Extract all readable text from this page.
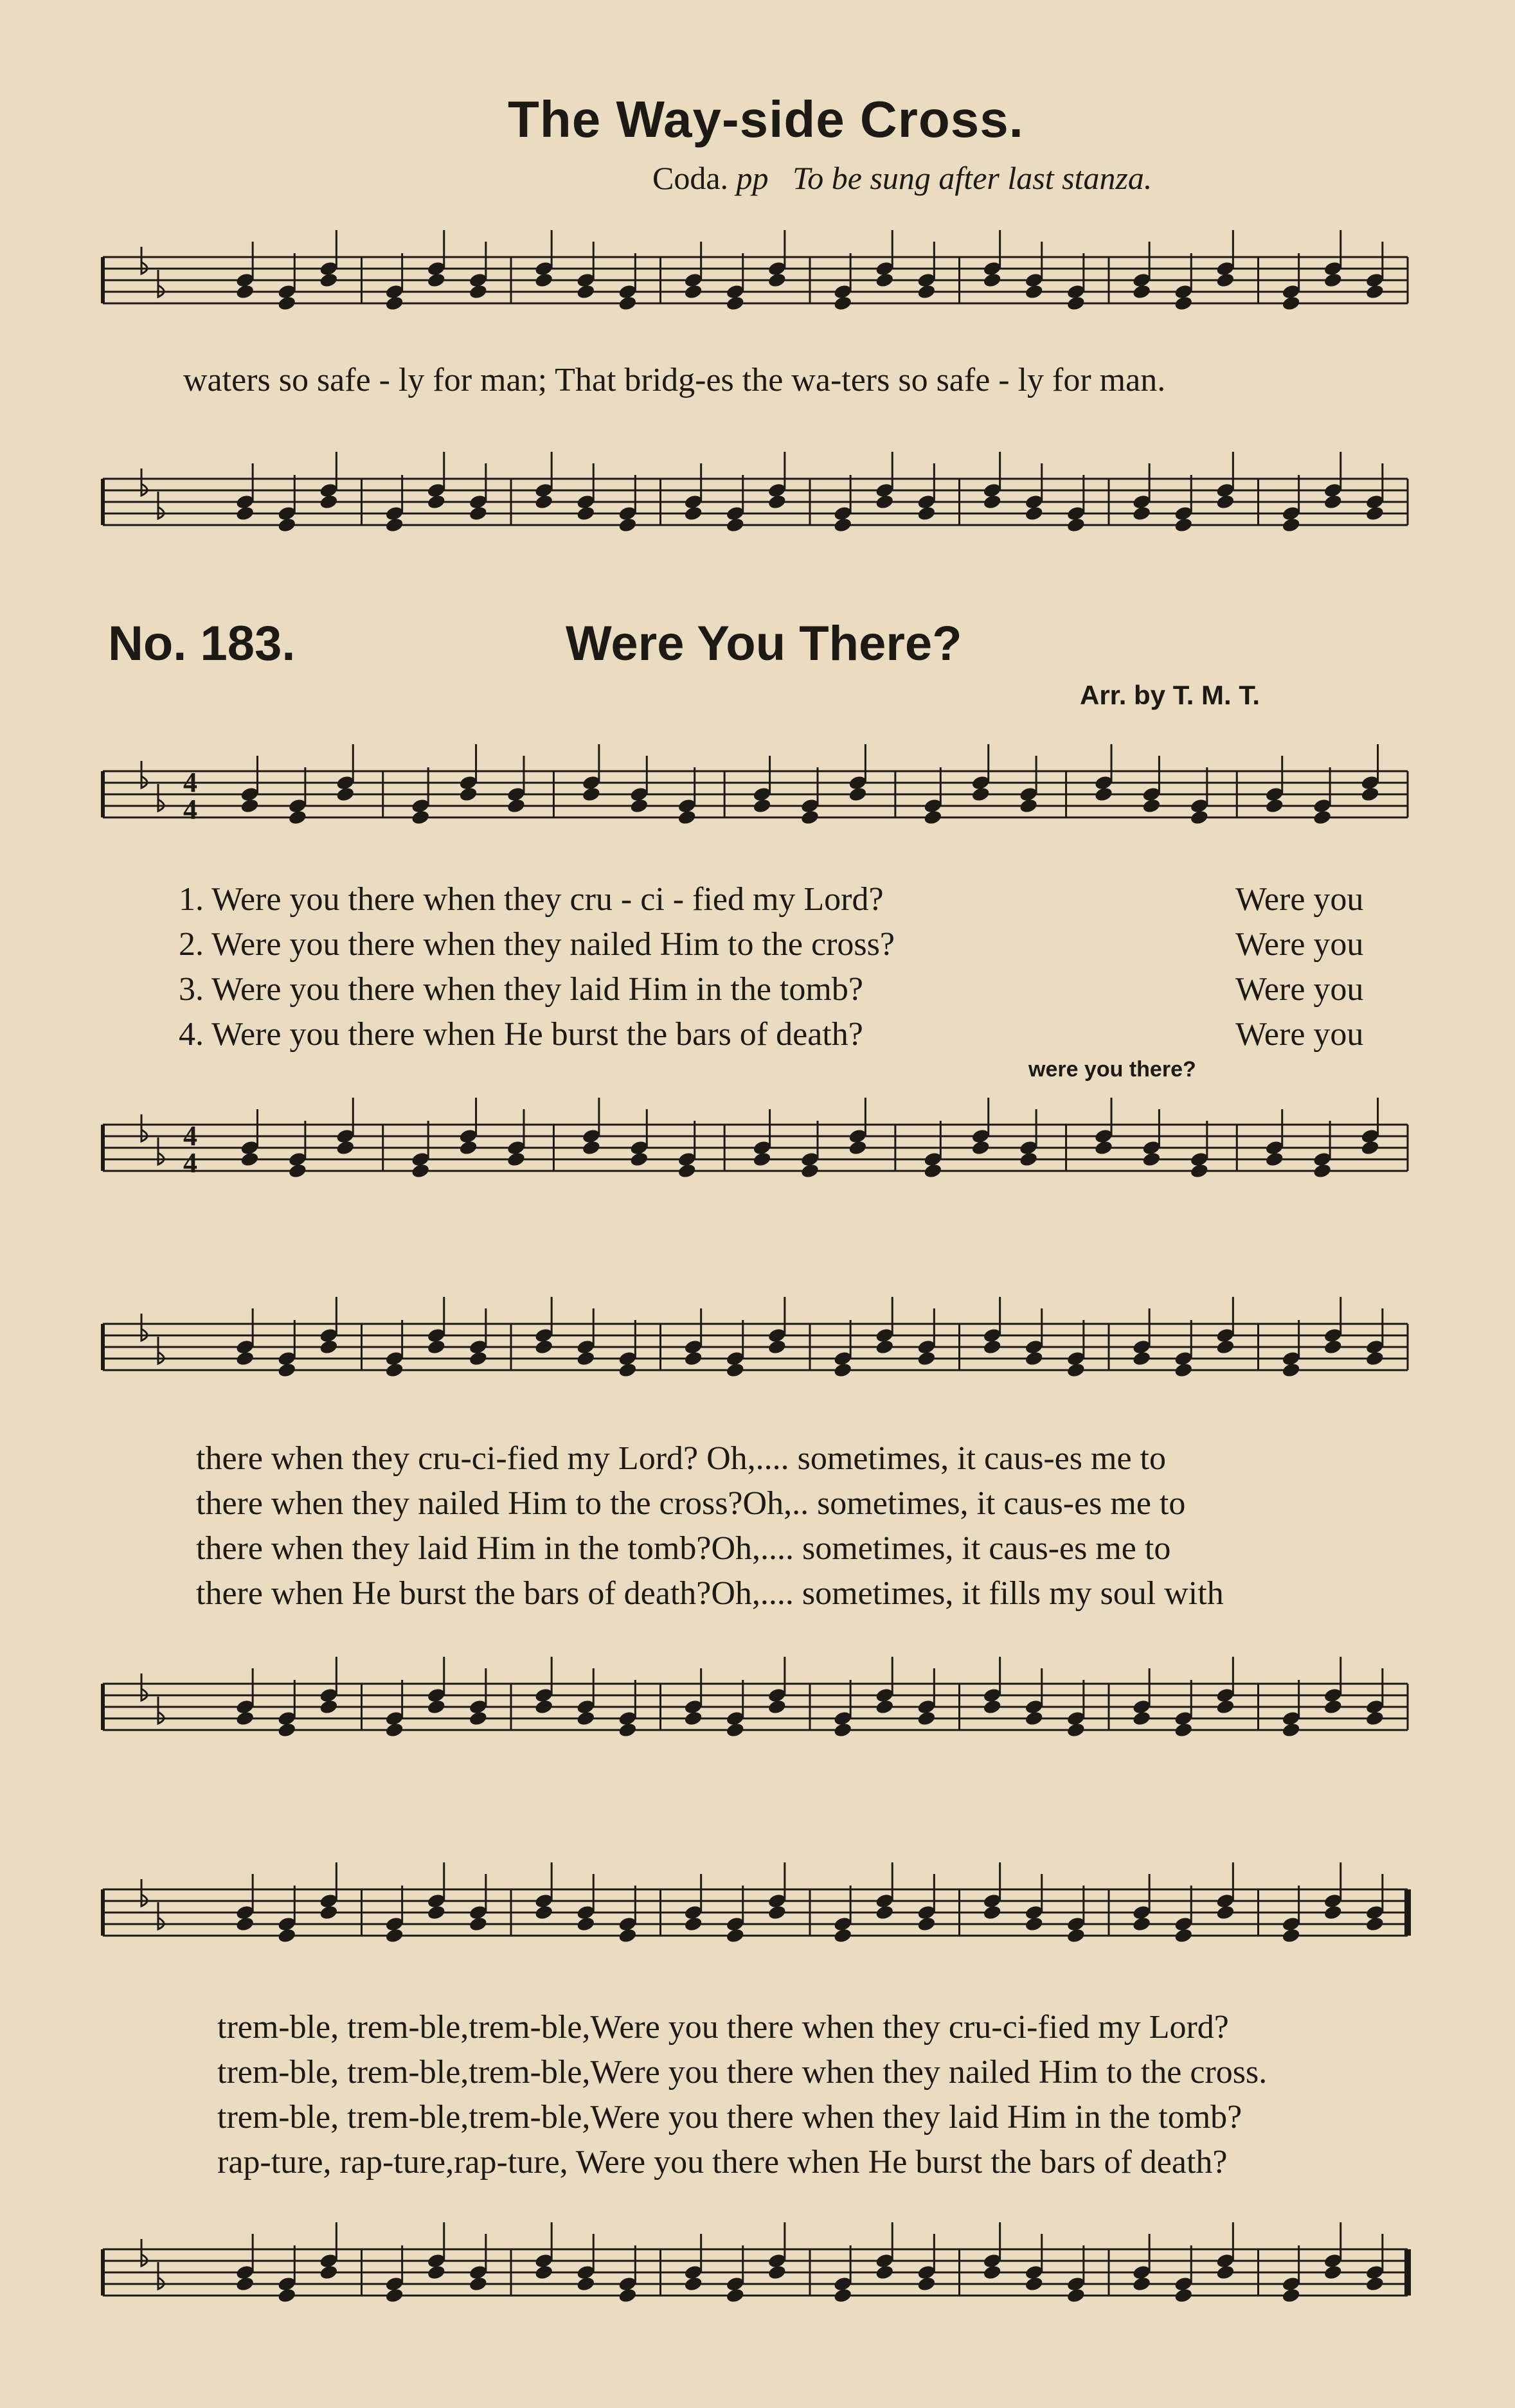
The Way-side Cross.
Coda. pp To be sung after last stanza.
waters so safe - ly for man; That bridg-es the wa-ters so safe - ly for man.
No. 183.	Were You There?
Arr. by T. M. T.
4
4
1. Were you there when they cru - ci - fied my Lord?	Were you
2. Were you there when they nailed Him to the cross?	Were you
3. Were you there when they laid Him in the tomb?	Were you
4. Were you there when He burst the bars of death?	Were you
were you there?
4
4
there when they cru-ci-fied my Lord? Oh,.... sometimes, it caus-es me to
there when they nailed Him to the cross?Oh,.. sometimes, it caus-es me to
there when they laid Him in the tomb?Oh,.... sometimes, it caus-es me to
there when He burst the bars of death?Oh,.... sometimes, it fills my soul with
trem-ble, trem-ble,trem-ble,Were you there when they cru-ci-fied my Lord?
trem-ble, trem-ble,trem-ble,Were you there when they nailed Him to the cross.
trem-ble, trem-ble,trem-ble,Were you there when they laid Him in the tomb?
rap-ture, rap-ture,rap-ture, Were you there when He burst the bars of death?
